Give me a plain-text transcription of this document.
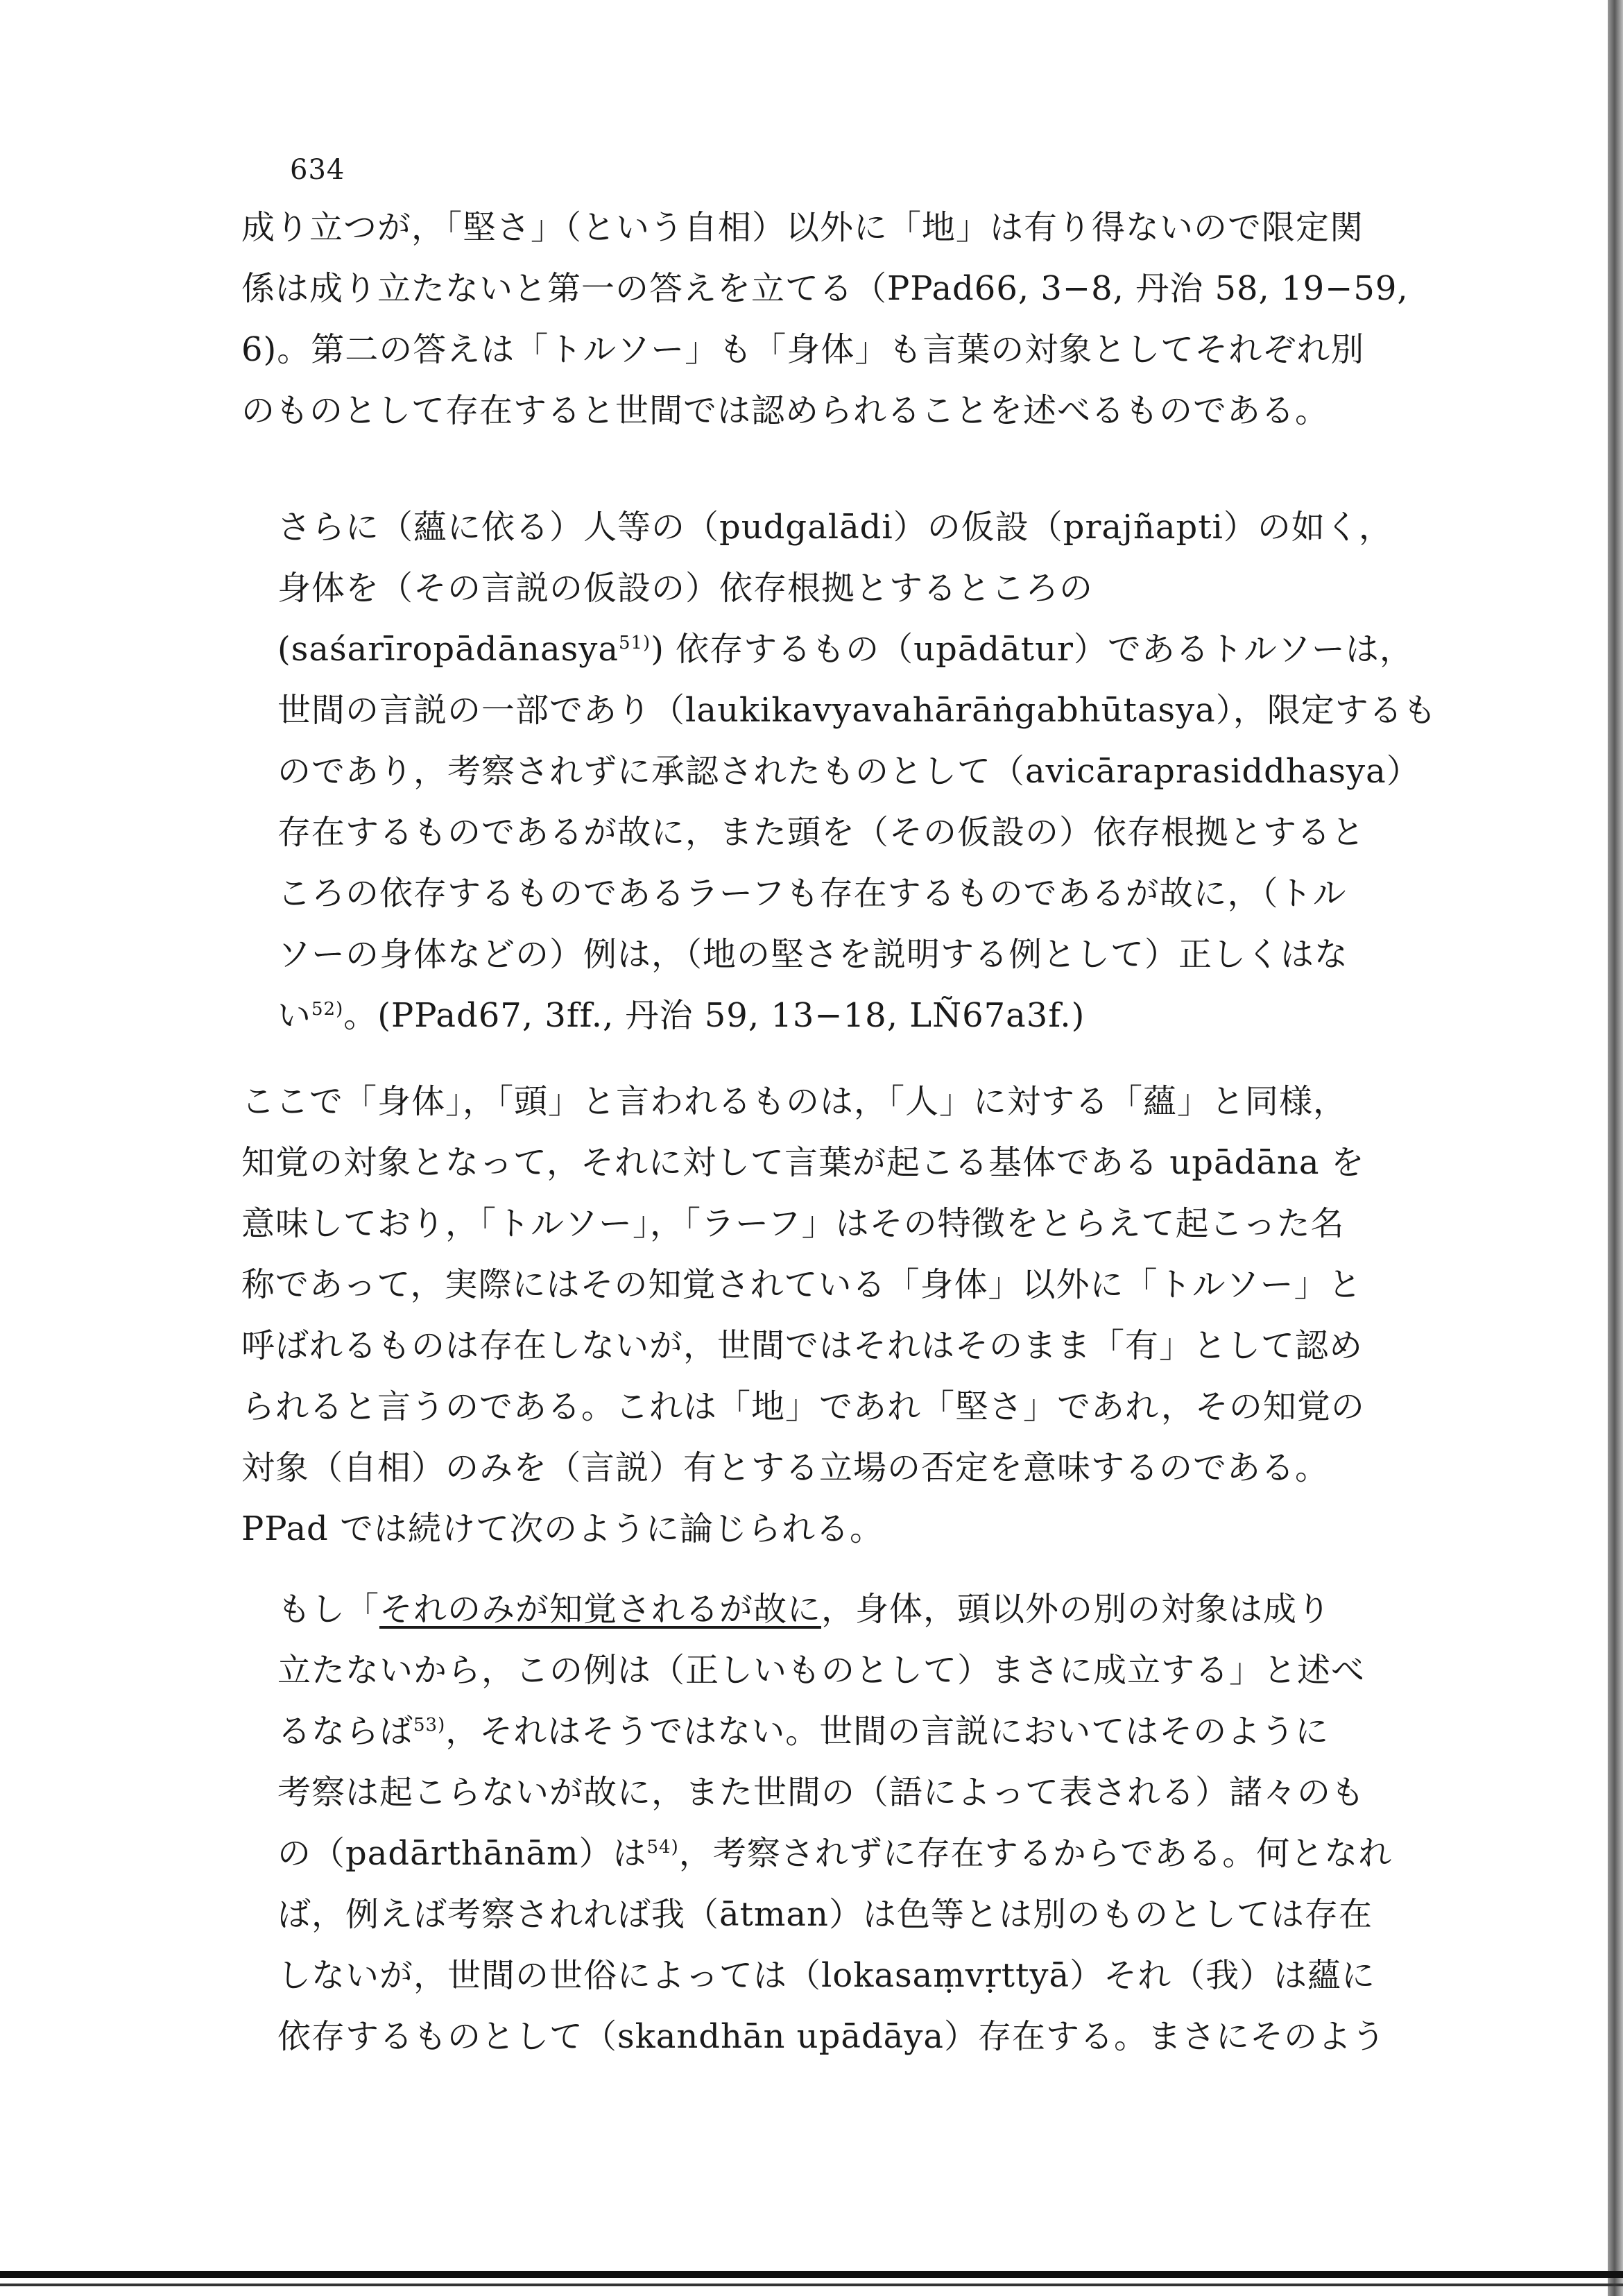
634

成り立つが，「堅さ」（という自相）以外に「地」は有り得ないので限定関
係は成り立たないと第一の答えを立てる（PPad66, 3−8, 丹治 58, 19−59,
6)。第二の答えは「トルソー」も「身体」も言葉の対象としてそれぞれ別
のものとして存在すると世間では認められることを述べるものである。

さらに（蘊に依る）人等の（pudgalādi）の仮設（prajñapti）の如く，
身体を（その言説の仮設の）依存根拠とするところの
(saśarīropādānasya$^{51)}$) 依存するもの（upādātur）であるトルソーは，
世間の言説の一部であり（laukikavyavahārāṅgabhūtasya），限定するも
のであり，考察されずに承認されたものとして（avicāraprasiddhasya）
存在するものであるが故に，また頭を（その仮設の）依存根拠とすると
ころの依存するものであるラーフも存在するものであるが故に，（トル
ソーの身体などの）例は，（地の堅さを説明する例として）正しくはな
い$^{52)}$。(PPad67, 3ff., 丹治 59, 13−18, LÑ67a3f.)

ここで「身体」，「頭」と言われるものは，「人」に対する「蘊」と同様，
知覚の対象となって，それに対して言葉が起こる基体である upādāna を
意味しており，「トルソー」，「ラーフ」はその特徴をとらえて起こった名
称であって，実際にはその知覚されている「身体」以外に「トルソー」と
呼ばれるものは存在しないが，世間ではそれはそのまま「有」として認め
られると言うのである。これは「地」であれ「堅さ」であれ，その知覚の
対象（自相）のみを（言説）有とする立場の否定を意味するのである。
PPad では続けて次のように論じられる。

もし「それのみが知覚されるが故に，身体，頭以外の別の対象は成り
立たないから，この例は（正しいものとして）まさに成立する」と述べ
るならば$^{53)}$，それはそうではない。世間の言説においてはそのように
考察は起こらないが故に，また世間の（語によって表される）諸々のも
の（padārthānām）は$^{54)}$，考察されずに存在するからである。何となれ
ば，例えば考察されれば我（ātman）は色等とは別のものとしては存在
しないが，世間の世俗によっては（lokasaṃvṛttyā）それ（我）は蘊に
依存するものとして（skandhān upādāya）存在する。まさにそのよう
